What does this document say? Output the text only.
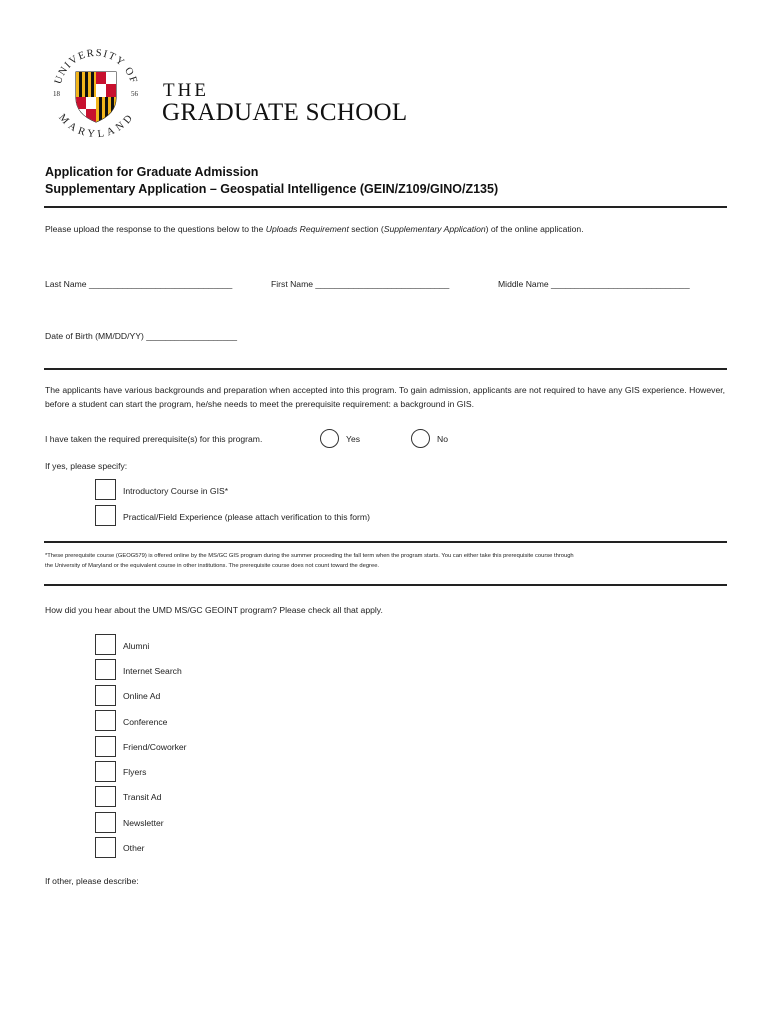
UNIVERSITY OF
MARYLAND
18	56 THE
GRADUATE SCHOOL
Application for Graduate Admission
Supplementary Application – Geospatial Intelligence (GEIN/Z109/GINO/Z135)
Please upload the response to the questions below to the Uploads Requirement section (Supplementary Application) of the online application.
Last Name ______________________________	First Name ____________________________	Middle Name _____________________________
Date of Birth (MM/DD/YY) ___________________
The applicants have various backgrounds and preparation when accepted into this program. To gain admission, applicants are not required to have any GIS experience. However, before a student can start the program, he/she needs to meet the prerequisite requirement: a background in GIS.
I have taken the required prerequisite(s) for this program.	Yes	No
If yes, please specify:
Introductory Course in GIS*
Practical/Field Experience (please attach verification to this form)
*These prerequisite course (GEOG579) is offered online by the MS/GC GIS program during the summer proceeding the fall term when the program starts. You can either take this prerequisite course through
the University of Maryland or the equivalent course in other institutions. The prerequisite course does not count toward the degree.
How did you hear about the UMD MS/GC GEOINT program? Please check all that apply.
Alumni
Internet Search
Online Ad
Conference
Friend/Coworker
Flyers
Transit Ad
Newsletter
Other
If other, please describe:
